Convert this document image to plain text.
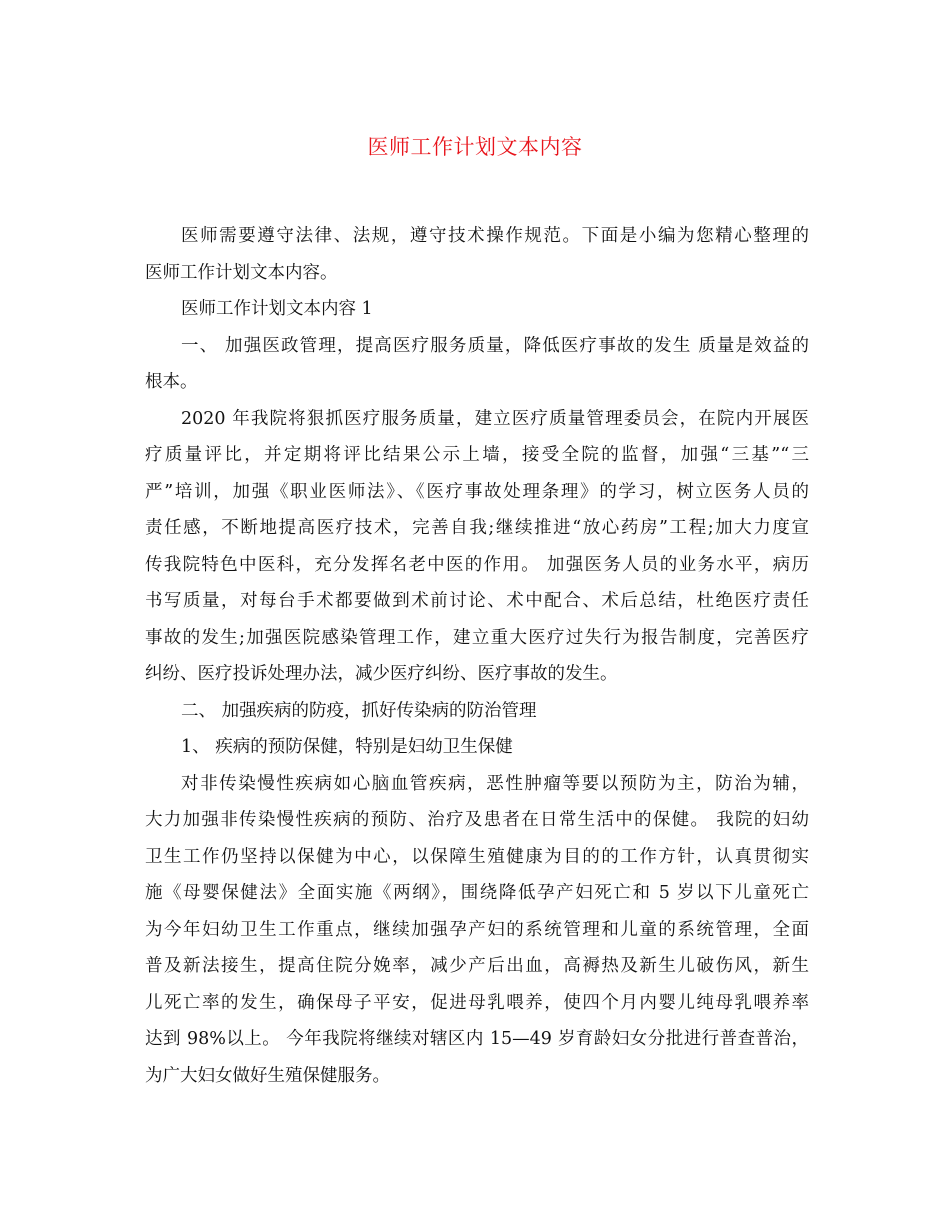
医师工作计划文本内容
医师需要遵守法律、法规，遵守技术操作规范。下面是小编为您精心整理的
医师工作计划文本内容。
医师工作计划文本内容 1
一、 加强医政管理，提高医疗服务质量，降低医疗事故的发生 质量是效益的
根本。
2020 年我院将狠抓医疗服务质量，建立医疗质量管理委员会，在院内开展医
疗质量评比，并定期将评比结果公示上墙，接受全院的监督，加强“三基”“三
严”培训，加强《职业医师法》、《医疗事故处理条理》的学习，树立医务人员的
责任感，不断地提高医疗技术，完善自我;继续推进“放心药房”工程;加大力度宣
传我院特色中医科，充分发挥名老中医的作用。 加强医务人员的业务水平，病历
书写质量，对每台手术都要做到术前讨论、术中配合、术后总结，杜绝医疗责任
事故的发生;加强医院感染管理工作，建立重大医疗过失行为报告制度，完善医疗
纠纷、医疗投诉处理办法，减少医疗纠纷、医疗事故的发生。
二、 加强疾病的防疫，抓好传染病的防治管理
1、 疾病的预防保健，特别是妇幼卫生保健
对非传染慢性疾病如心脑血管疾病，恶性肿瘤等要以预防为主，防治为辅，
大力加强非传染慢性疾病的预防、治疗及患者在日常生活中的保健。 我院的妇幼
卫生工作仍坚持以保健为中心，以保障生殖健康为目的的工作方针，认真贯彻实
施《母婴保健法》全面实施《两纲》，围绕降低孕产妇死亡和 5 岁以下儿童死亡
为今年妇幼卫生工作重点，继续加强孕产妇的系统管理和儿童的系统管理，全面
普及新法接生，提高住院分娩率，减少产后出血，高褥热及新生儿破伤风，新生
儿死亡率的发生，确保母子平安，促进母乳喂养，使四个月内婴儿纯母乳喂养率
达到 98%以上。 今年我院将继续对辖区内 15—49 岁育龄妇女分批进行普查普治，
为广大妇女做好生殖保健服务。
